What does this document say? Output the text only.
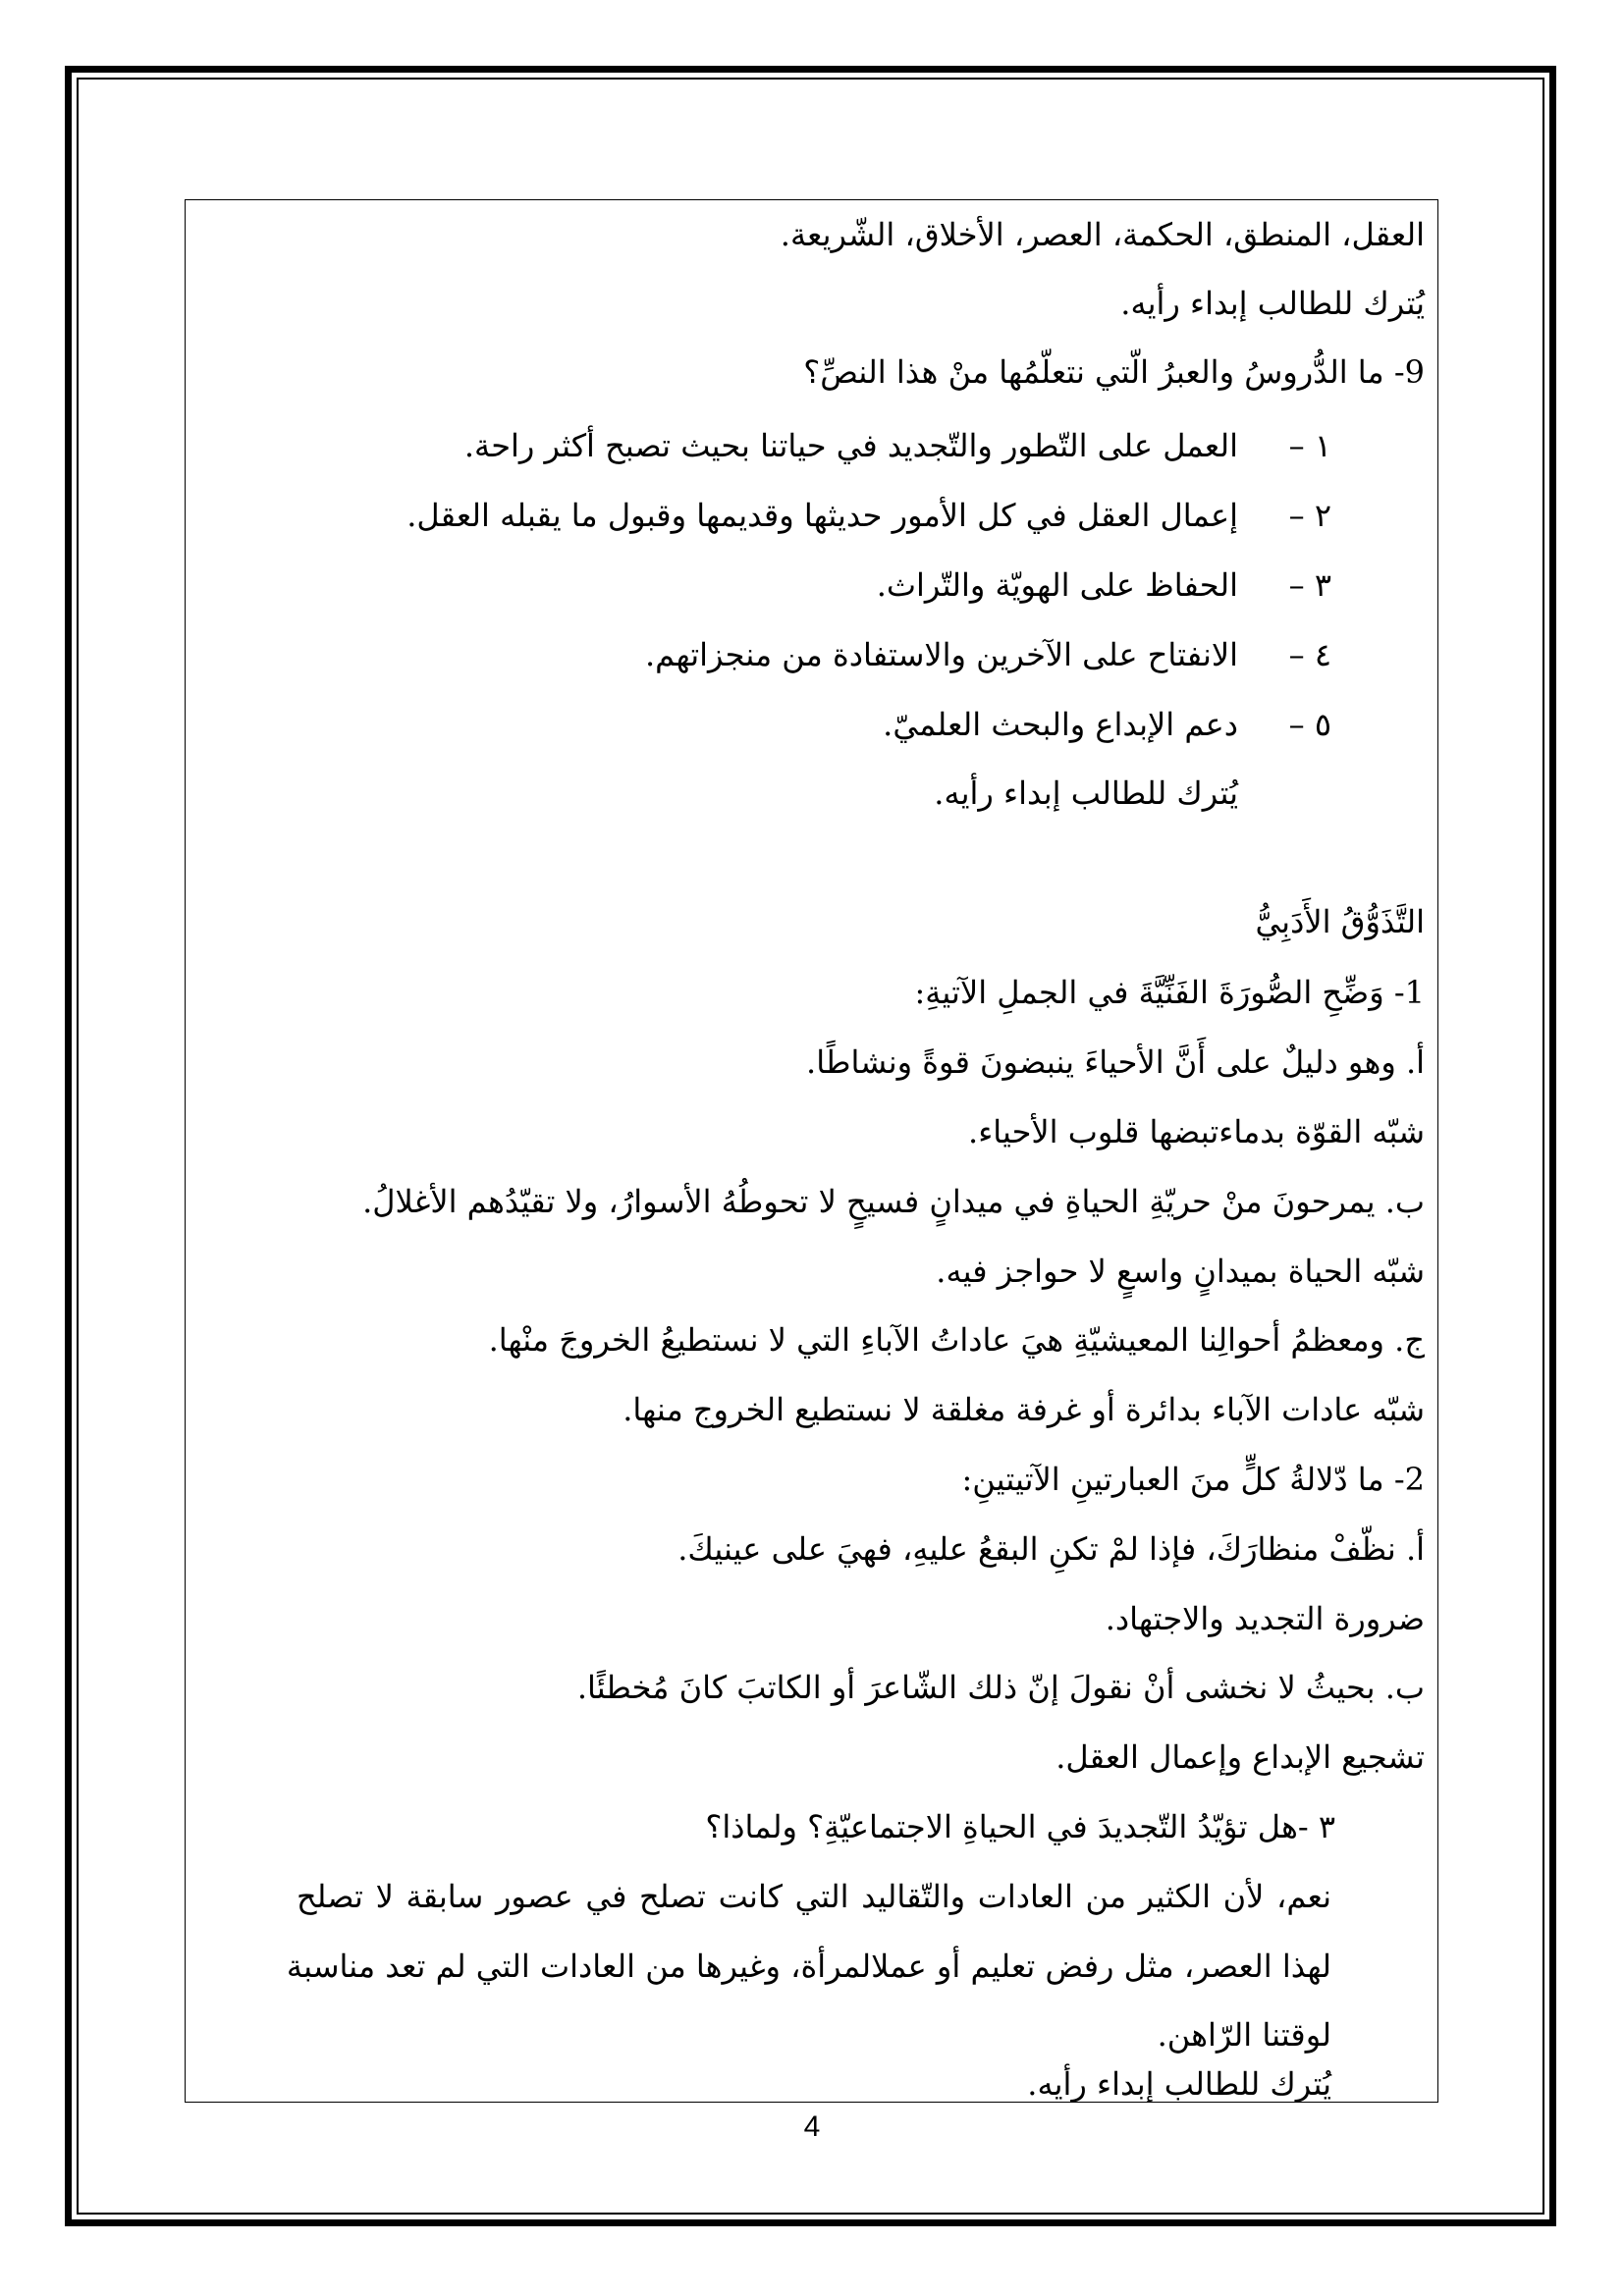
العقل، المنطق، الحكمة، العصر، الأخلاق، الشّريعة.
يُترك للطالب إبداء رأيه.
9- ما الدُّروسُ والعبرُ الّتي نتعلّمُها منْ هذا النصِّ؟
١ –العمل على التّطور والتّجديد في حياتنا بحيث تصبح أكثر راحة.
٢ –إعمال العقل في كل الأمور حديثها وقديمها وقبول ما يقبله العقل.
٣ –الحفاظ على الهويّة والتّراث.
٤ –الانفتاح على الآخرين والاستفادة من منجزاتهم.
٥ –دعم الإبداع والبحث العلميّ.
يُترك للطالب إبداء رأيه.
التَّذَوُّقُ الأَدَبِيُّ
1- وَضِّحِ الصُّورَةَ الفَنِّيَّةَ في الجملِ الآتيةِ:
أ. وهو دليلٌ على أَنَّ الأحياءَ ينبضونَ قوةً ونشاطًا.
شبّه القوّة بدماءتبضها قلوب الأحياء.
ب. يمرحونَ منْ حريّةِ الحياةِ في ميدانٍ فسيحٍ لا تحوطُهُ الأسوارُ، ولا تقيّدُهم الأغلالُ.
شبّه الحياة بميدانٍ واسعٍ لا حواجز فيه.
ج. ومعظمُ أحوالِنا المعيشيّةِ هيَ عاداتُ الآباءِ التي لا نستطيعُ الخروجَ منْها.
شبّه عادات الآباء بدائرة أو غرفة مغلقة لا نستطيع الخروج منها.
2- ما دّلالةُ كلٍّ منَ العبارتينِ الآتيتينِ:
أ. نظّفْ منظارَكَ، فإذا لمْ تكنِ البقعُ عليهِ، فهيَ على عينيكَ.
ضرورة التجديد والاجتهاد.
ب. بحيثُ لا نخشى أنْ نقولَ إنّ ذلك الشّاعرَ أو الكاتبَ كانَ مُخطئًا.
تشجيع الإبداع وإعمال العقل.
٣ -هل تؤيّدُ التّجديدَ في الحياةِ الاجتماعيّةِ؟ ولماذا؟
نعم، لأن الكثير من العادات والتّقاليد التي كانت تصلح في عصور سابقة لا تصلح
لهذا العصر، مثل رفض تعليم أو عملالمرأة، وغيرها من العادات التي لم تعد مناسبة
لوقتنا الرّاهن.
يُترك للطالب إبداء رأيه.
4
